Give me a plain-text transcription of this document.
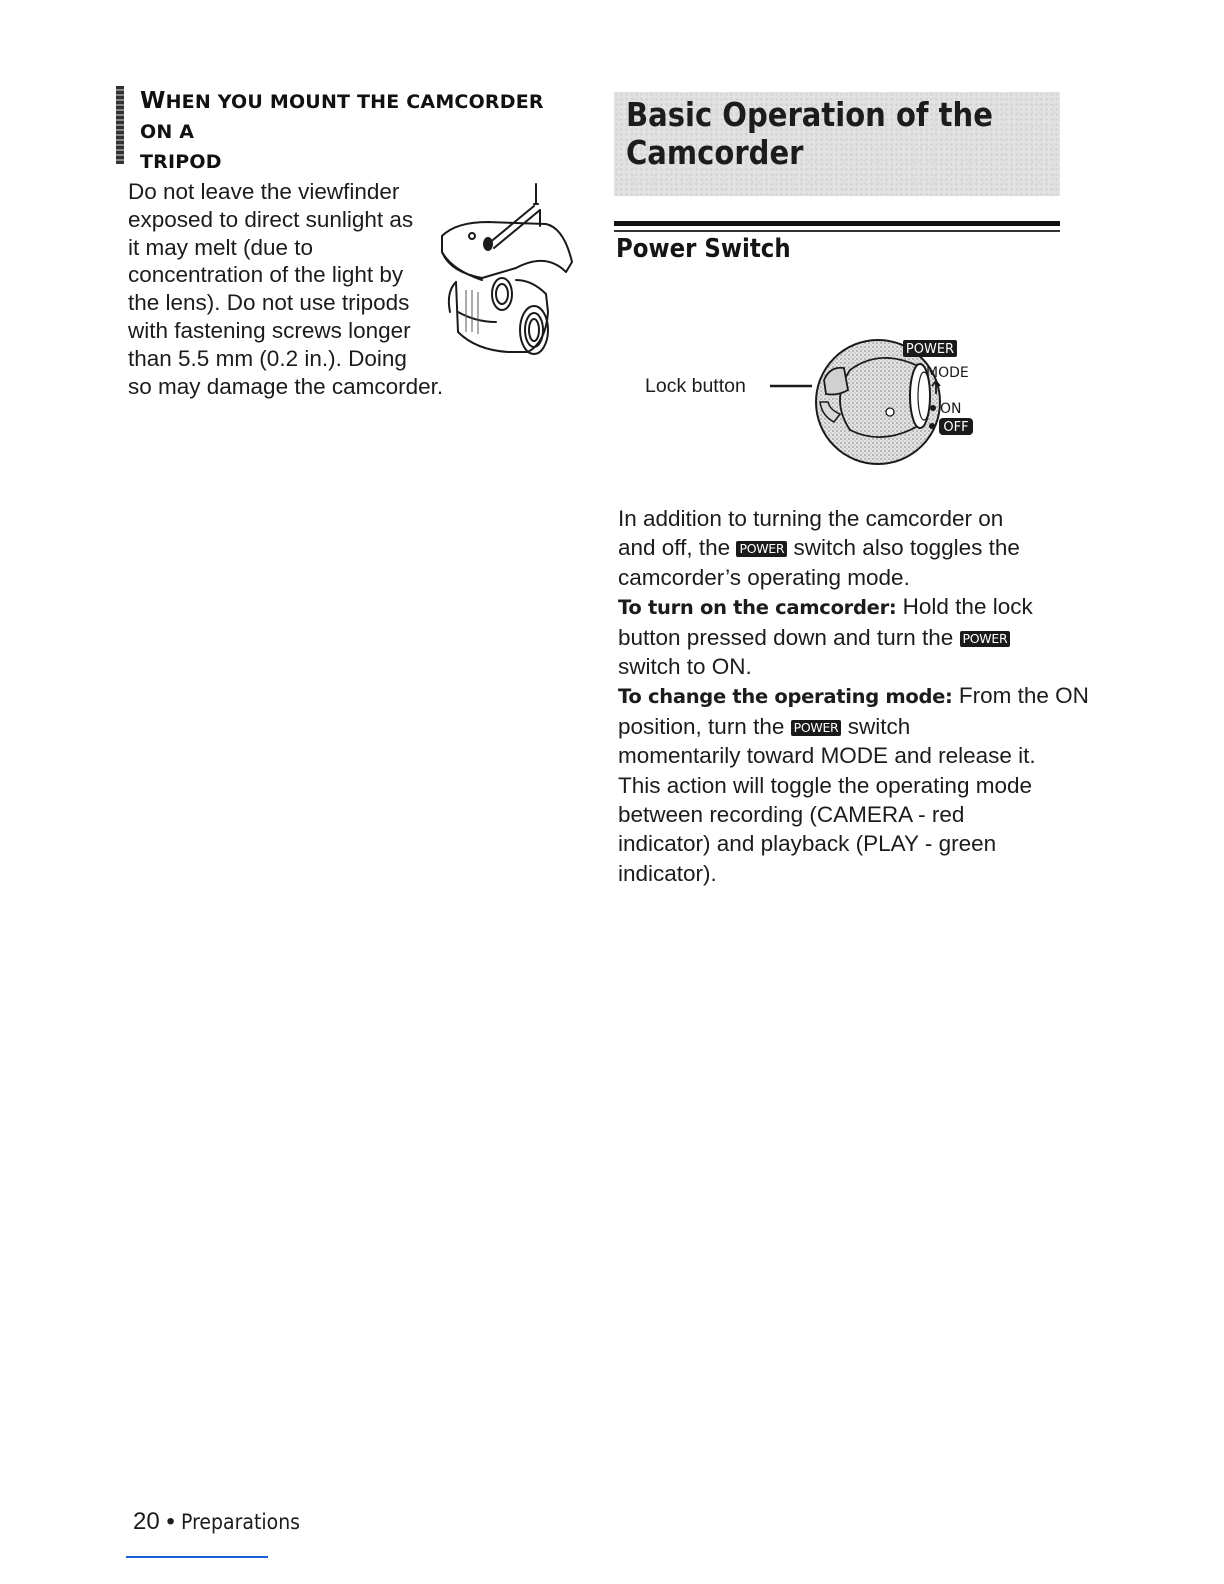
WHEN YOU MOUNT THE CAMCORDER ON A
TRIPOD
Do not leave the viewfinder
exposed to direct sunlight as
it may melt (due to
concentration of the light by
the lens). Do not use tripods
with fastening screws longer
than 5.5 mm (0.2 in.). Doing
so may damage the camcorder.
Basic Operation of the
Camcorder
Power Switch
Lock button
POWER
MODE
ON
OFF
In addition to turning the camcorder on
and off, the POWER switch also toggles the
camcorder’s operating mode.
To turn on the camcorder: Hold the lock
button pressed down and turn the POWER
switch to ON.
To change the operating mode: From the ON
position, turn the POWER switch
momentarily toward MODE and release it.
This action will toggle the operating mode
between recording (CAMERA - red
indicator) and playback (PLAY - green
indicator).
20 • Preparations
